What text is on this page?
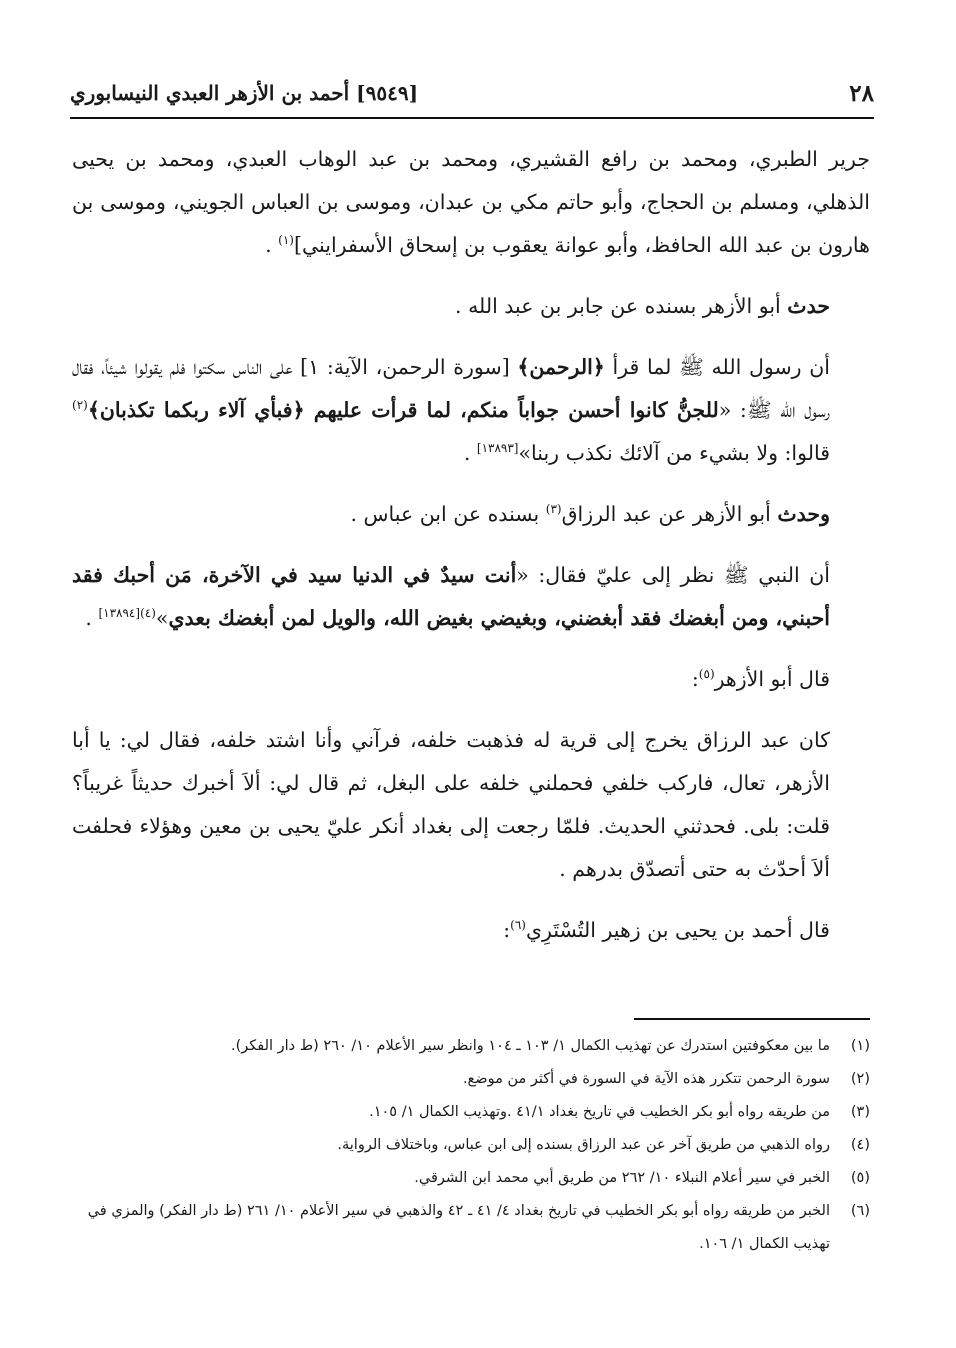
٢٨
[٩٥٤٩] أحمد بن الأزهر العبدي النيسابوري

جرير الطبري، ومحمد بن رافع القشيري، ومحمد بن عبد الوهاب العبدي، ومحمد بن يحيى الذهلي، ومسلم بن الحجاج، وأبو حاتم مكي بن عبدان، وموسى بن العباس الجويني، وموسى بن هارون بن عبد الله الحافظ، وأبو عوانة يعقوب بن إسحاق الأسفرايني]$^{(١)}$ .

حدث أبو الأزهر بسنده عن جابر بن عبد الله .

أن رسول الله ﷺ لما قرأ ﴿الرحمن﴾ [سورة الرحمن، الآية: ١] على الناس سكتوا فلم يقولوا شيئاً، فقال رسول الله ﷺ: «للجنُّ كانوا أحسن جواباً منكم، لما قرأت عليهم ﴿فبأي آلاء ربكما تكذبان﴾$^{(٢)}$ قالوا: ولا بشيء من آلائك نكذب ربنا»[١٣٨٩٣] .

وحدث أبو الأزهر عن عبد الرزاق$^{(٣)}$ بسنده عن ابن عباس .

أن النبي ﷺ نظر إلى عليّ فقال: «أنت سيدٌ في الدنيا سيد في الآخرة، مَن أحبك فقد أحبني، ومن أبغضك فقد أبغضني، وبغيضي بغيض الله، والويل لمن أبغضك بعدي»$^{(٤)[١٣٨٩٤]}$ .

قال أبو الأزهر$^{(٥)}$:

كان عبد الرزاق يخرج إلى قرية له فذهبت خلفه، فرآني وأنا اشتد خلفه، فقال لي: يا أبا الأزهر، تعال، فاركب خلفي فحملني خلفه على البغل، ثم قال لي: ألاَ أخبرك حديثاً غريباً؟ قلت: بلى. فحدثني الحديث. فلمّا رجعت إلى بغداد أنكر عليّ يحيى بن معين وهؤلاء فحلفت ألاَ أحدّث به حتى أتصدّق بدرهم .

قال أحمد بن يحيى بن زهير التُسْتَرِي$^{(٦)}$:

(١)
ما بين معكوفتين استدرك عن تهذيب الكمال ١/ ١٠٣ ـ ١٠٤ وانظر سير الأعلام ١٠/ ٢٦٠ (ط دار الفكر).
(٢)
سورة الرحمن تتكرر هذه الآية في السورة في أكثر من موضع.
(٣)
من طريقه رواه أبو بكر الخطيب في تاريخ بغداد ٤١/١ .وتهذيب الكمال ١/ ١٠٥.
(٤)
رواه الذهبي من طريق آخر عن عبد الرزاق بسنده إلى ابن عباس، وباختلاف الرواية.
(٥)
الخبر في سير أعلام النبلاء ١٠/ ٢٦٢ من طريق أبي محمد ابن الشرقي.
(٦)
الخبر من طريقه رواه أبو بكر الخطيب في تاريخ بغداد ٤/ ٤١ ـ ٤٢ والذهبي في سير الأعلام ١٠/ ٢٦١ (ط دار الفكر) والمزي في تهذيب الكمال ١/ ١٠٦.
